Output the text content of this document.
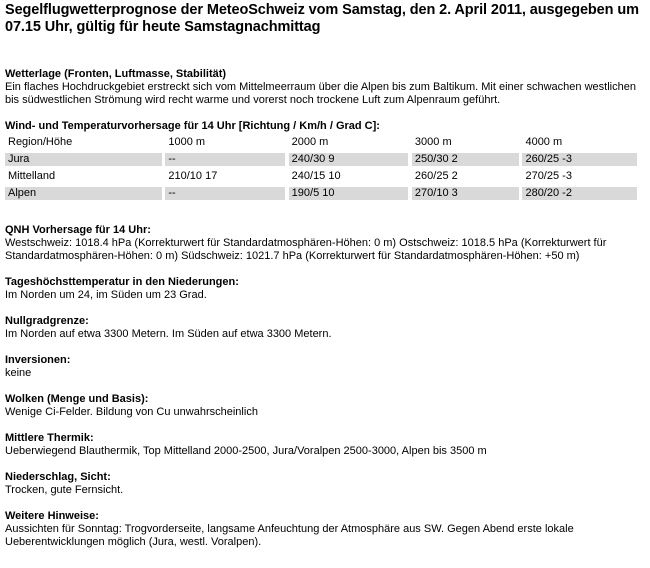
Segelflugwetterprognose der MeteoSchweiz vom Samstag, den 2. April 2011, ausgegeben um 07.15 Uhr, gültig für heute Samstagnachmittag

Wetterlage (Fronten, Luftmasse, Stabilität)

Ein flaches Hochdruckgebiet erstreckt sich vom Mittelmeerraum über die Alpen bis zum Baltikum. Mit einer schwachen westlichen bis südwestlichen Strömung wird recht warme und vorerst noch trockene Luft zum Alpenraum geführt.

Wind- und Temperaturvorhersage für 14 Uhr [Richtung / Km/h / Grad C]:

Region/Höhe		1000 m		2000 m		3000 m		4000 m
Jura		--		240/30 9		250/30 2		260/25 -3
Mittelland		210/10 17		240/15 10		260/25 2		270/25 -3
Alpen		--		190/5 10		270/10 3		280/20 -2

QNH Vorhersage für 14 Uhr:

Westschweiz: 1018.4 hPa (Korrekturwert für Standardatmosphären-Höhen: 0 m) Ostschweiz: 1018.5 hPa (Korrekturwert für Standardatmosphären-Höhen: 0 m) Südschweiz: 1021.7 hPa (Korrekturwert für Standardatmosphären-Höhen: +50 m)

Tageshöchsttemperatur in den Niederungen:

Im Norden um 24, im Süden um 23 Grad.

Nullgradgrenze:

Im Norden auf etwa 3300 Metern. Im Süden auf etwa 3300 Metern.

Inversionen:

keine

Wolken (Menge und Basis):

Wenige Ci-Felder. Bildung von Cu unwahrscheinlich

Mittlere Thermik:

Ueberwiegend Blauthermik, Top Mittelland 2000-2500, Jura/Voralpen 2500-3000, Alpen bis 3500 m

Niederschlag, Sicht:

Trocken, gute Fernsicht.

Weitere Hinweise:

Aussichten für Sonntag: Trogvorderseite, langsame Anfeuchtung der Atmosphäre aus SW. Gegen Abend erste lokale Ueberentwicklungen möglich (Jura, westl. Voralpen).
